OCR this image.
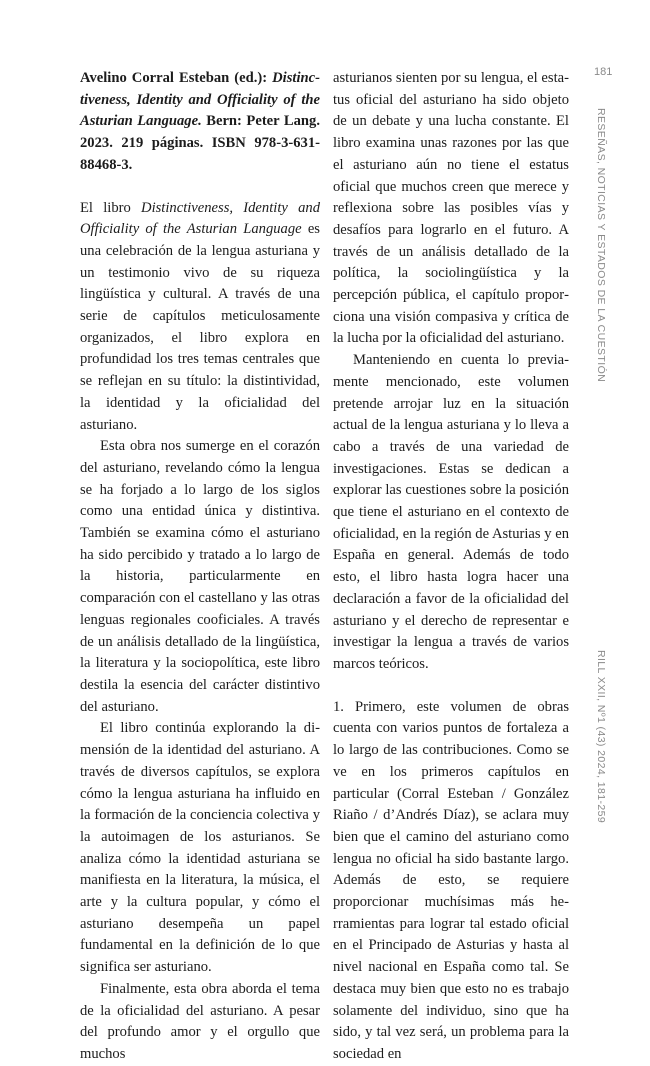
Avelino Corral Esteban (ed.): Distinctiveness, Identity and Officiality of the Asturian Language. Bern: Peter Lang. 2023. 219 páginas. ISBN 978-3-631-88468-3.

El libro Distinctiveness, Identity and Officiality of the Asturian Language es una celebración de la lengua asturiana y un testimonio vivo de su riqueza lingüística y cultural. A través de una serie de capítulos meticulosamente organizados, el libro explora en profundidad los tres temas centrales que se reflejan en su título: la distintividad, la identidad y la oficialidad del asturiano.

Esta obra nos sumerge en el corazón del asturiano, revelando cómo la lengua se ha forjado a lo largo de los siglos como una entidad única y distintiva. También se examina cómo el asturiano ha sido percibido y tratado a lo largo de la historia, particularmente en comparación con el castellano y las otras lenguas regionales cooficiales. A través de un análisis detallado de la lingüística, la literatura y la sociopolítica, este libro destila la esencia del carácter distintivo del asturiano.

El libro continúa explorando la dimensión de la identidad del asturiano. A través de diversos capítulos, se explora cómo la lengua asturiana ha influido en la formación de la conciencia colectiva y la autoimagen de los asturianos. Se analiza cómo la identidad asturiana se manifiesta en la literatura, la música, el arte y la cultura popular, y cómo el asturiano desempeña un papel fundamental en la definición de lo que significa ser asturiano.

Finalmente, esta obra aborda el tema de la oficialidad del asturiano. A pesar del profundo amor y el orgullo que muchos

asturianos sienten por su lengua, el estatus oficial del asturiano ha sido objeto de un debate y una lucha constante. El libro examina unas razones por las que el asturiano aún no tiene el estatus oficial que muchos creen que merece y reflexiona sobre las posibles vías y desafíos para lograrlo en el futuro. A través de un análisis detallado de la política, la sociolingüística y la percepción pública, el capítulo proporciona una visión compasiva y crítica de la lucha por la oficialidad del asturiano.

Manteniendo en cuenta lo previamente mencionado, este volumen pretende arrojar luz en la situación actual de la lengua asturiana y lo lleva a cabo a través de una variedad de investigaciones. Estas se dedican a explorar las cuestiones sobre la posición que tiene el asturiano en el contexto de oficialidad, en la región de Asturias y en España en general. Además de todo esto, el libro hasta logra hacer una declaración a favor de la oficialidad del asturiano y el derecho de representar e investigar la lengua a través de varios marcos teóricos.

1. Primero, este volumen de obras cuenta con varios puntos de fortaleza a lo largo de las contribuciones. Como se ve en los primeros capítulos en particular (Corral Esteban / González Riaño / d’Andrés Díaz), se aclara muy bien que el camino del asturiano como lengua no oficial ha sido bastante largo. Además de esto, se requiere proporcionar muchísimas más herramientas para lograr tal estado oficial en el Principado de Asturias y hasta al nivel nacional en España como tal. Se destaca muy bien que esto no es trabajo solamente del individuo, sino que ha sido, y tal vez será, un problema para la sociedad en

181
RESEÑAS, NOTICIAS Y ESTADOS DE LA CUESTIÓN
RILL XXII, Nº1 (43) 2024, 181-259
